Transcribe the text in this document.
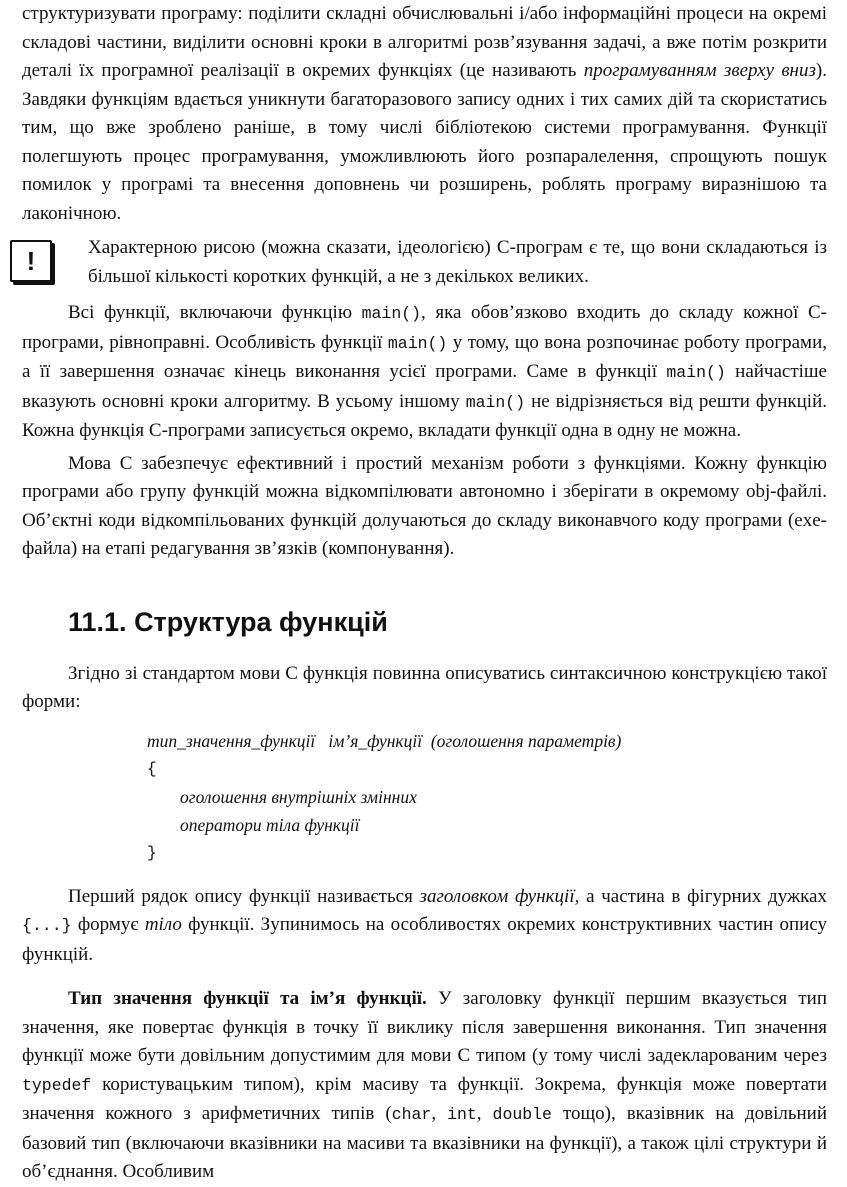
структуризувати програму: поділити складні обчислювальні і/або інформаційні процеси на окремі складові частини, виділити основні кроки в алгоритмі розв’язування задачі, а вже потім розкрити деталі їх програмної реалізації в окремих функціях (це називають програмуванням зверху вниз). Завдяки функціям вдається уникнути багаторазового запису одних і тих самих дій та скористатись тим, що вже зроблено раніше, в тому числі бібліотекою системи програмування. Функції полегшують процес програмування, уможливлюють його розпаралелення, спрощують пошук помилок у програмі та внесення доповнень чи розширень, роблять програму виразнішою та лаконічною.

!	Характерною рисою (можна сказати, ідеологією) С-програм є те, що вони складаються із більшої кількості коротких функцій, а не з декількох великих.

Всі функції, включаючи функцію main(), яка обов’язково входить до складу кожної С-програми, рівноправні. Особливість функції main() у тому, що вона розпочинає роботу програми, а її завершення означає кінець виконання усієї програми. Саме в функції main() найчастіше вказують основні кроки алгоритму. В усьому іншому main() не відрізняється від решти функцій. Кожна функція С-програми записується окремо, вкладати функції одна в одну не можна.

Мова С забезпечує ефективний і простий механізм роботи з функціями. Кожну функцію програми або групу функцій можна відкомпілювати автономно і зберігати в окремому obj-файлі. Об’єктні коди відкомпільованих функцій долучаються до складу виконавчого коду програми (exe-файла) на етапі редагування зв’язків (компонування).

11.1. Структура функцій

Згідно зі стандартом мови С функція повинна описуватись синтаксичною конструкцією такої форми:

тип_значення_функції ім’я_функції (оголошення параметрів)
{
оголошення внутрішніх змінних
оператори тіла функції
}

Перший рядок опису функції називається заголовком функції, а частина в фігурних дужках {...} формує тіло функції. Зупинимось на особливостях окремих конструктивних частин опису функцій.

Тип значення функції та ім’я функції. У заголовку функції першим вказується тип значення, яке повертає функція в точку її виклику після завершення виконання. Тип значення функції може бути довільним допустимим для мови С типом (у тому числі задекларованим через typedef користувацьким типом), крім масиву та функції. Зокрема, функція може повертати значення кожного з арифметичних типів (char, int, double тощо), вказівник на довільний базовий тип (включаючи вказівники на масиви та вказівники на функції), а також цілі структури й об’єднання. Особливим
